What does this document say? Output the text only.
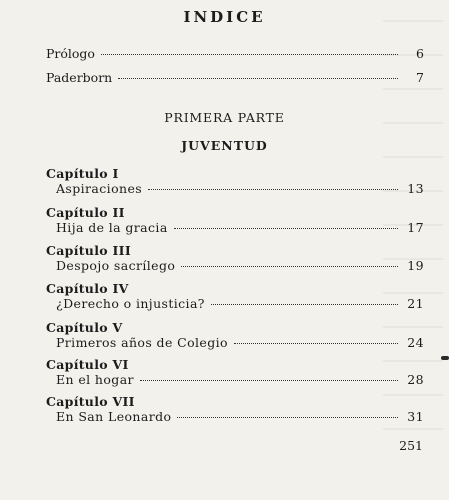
INDICE
Prólogo	6
Paderborn	7
PRIMERA PARTE
JUVENTUD
Capítulo I
Aspiraciones	13
Capítulo II
Hija de la gracia	17
Capítulo III
Despojo sacrílego	19
Capítulo IV
¿Derecho o injusticia?	21
Capítulo V
Primeros años de Colegio	24
Capítulo VI
En el hogar	28
Capítulo VII
En San Leonardo	31
251
